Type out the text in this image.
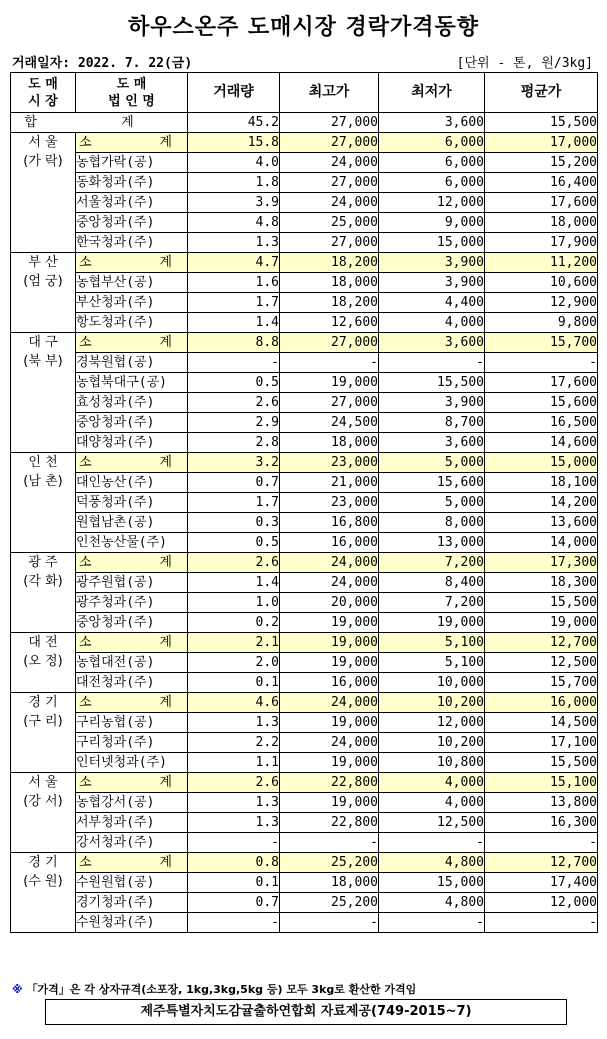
하우스온주 도매시장 경락가격동향
거래일자: 2022. 7. 22(금)	[단위 - 톤, 원/3kg]
도 매
시 장	도 매
법 인 명	거래량	최고가	최저가	평균가
합 계		45.2	27,000	3,600	15,500
서 울
(가 락)	소 계	15.8	27,000	6,000	17,000
	농협가락(공)	4.0	24,000	6,000	15,200
	동화청과(주)	1.8	27,000	6,000	16,400
	서울청과(주)	3.9	24,000	12,000	17,600
	중앙청과(주)	4.8	25,000	9,000	18,000
	한국청과(주)	1.3	27,000	15,000	17,900
부 산
(엄 궁)	소 계	4.7	18,200	3,900	11,200
	농협부산(공)	1.6	18,000	3,900	10,600
	부산청과(주)	1.7	18,200	4,400	12,900
	항도청과(주)	1.4	12,600	4,000	9,800
대 구
(북 부)	소 계	8.8	27,000	3,600	15,700
	경북원협(공)	-	-	-	-
	농협북대구(공)	0.5	19,000	15,500	17,600
	효성청과(주)	2.6	27,000	3,900	15,600
	중앙청과(주)	2.9	24,500	8,700	16,500
	대양청과(주)	2.8	18,000	3,600	14,600
인 천
(남 촌)	소 계	3.2	23,000	5,000	15,000
	대인농산(주)	0.7	21,000	15,600	18,100
	덕풍청과(주)	1.7	23,000	5,000	14,200
	원협남촌(공)	0.3	16,800	8,000	13,600
	인천농산물(주)	0.5	16,000	13,000	14,000
광 주
(각 화)	소 계	2.6	24,000	7,200	17,300
	광주원협(공)	1.4	24,000	8,400	18,300
	광주청과(주)	1.0	20,000	7,200	15,500
	중앙청과(주)	0.2	19,000	19,000	19,000
대 전
(오 정)	소 계	2.1	19,000	5,100	12,700
	농협대전(공)	2.0	19,000	5,100	12,500
	대전청과(주)	0.1	16,000	10,000	15,700
경 기
(구 리)	소 계	4.6	24,000	10,200	16,000
	구리농협(공)	1.3	19,000	12,000	14,500
	구리청과(주)	2.2	24,000	10,200	17,100
	인터넷청과(주)	1.1	19,000	10,800	15,500
서 울
(강 서)	소 계	2.6	22,800	4,000	15,100
	농협강서(공)	1.3	19,000	4,000	13,800
	서부청과(주)	1.3	22,800	12,500	16,300
	강서청과(주)	-	-	-	-
경 기
(수 원)	소 계	0.8	25,200	4,800	12,700
	수원원협(공)	0.1	18,000	15,000	17,400
	경기청과(주)	0.7	25,200	4,800	12,000
	수원청과(주)	-	-	-	-
※ 「가격」은 각 상자규격(소포장, 1kg,3kg,5kg 등) 모두 3kg로 환산한 가격임
제주특별자치도감귤출하연합회 자료제공(749-2015~7)
